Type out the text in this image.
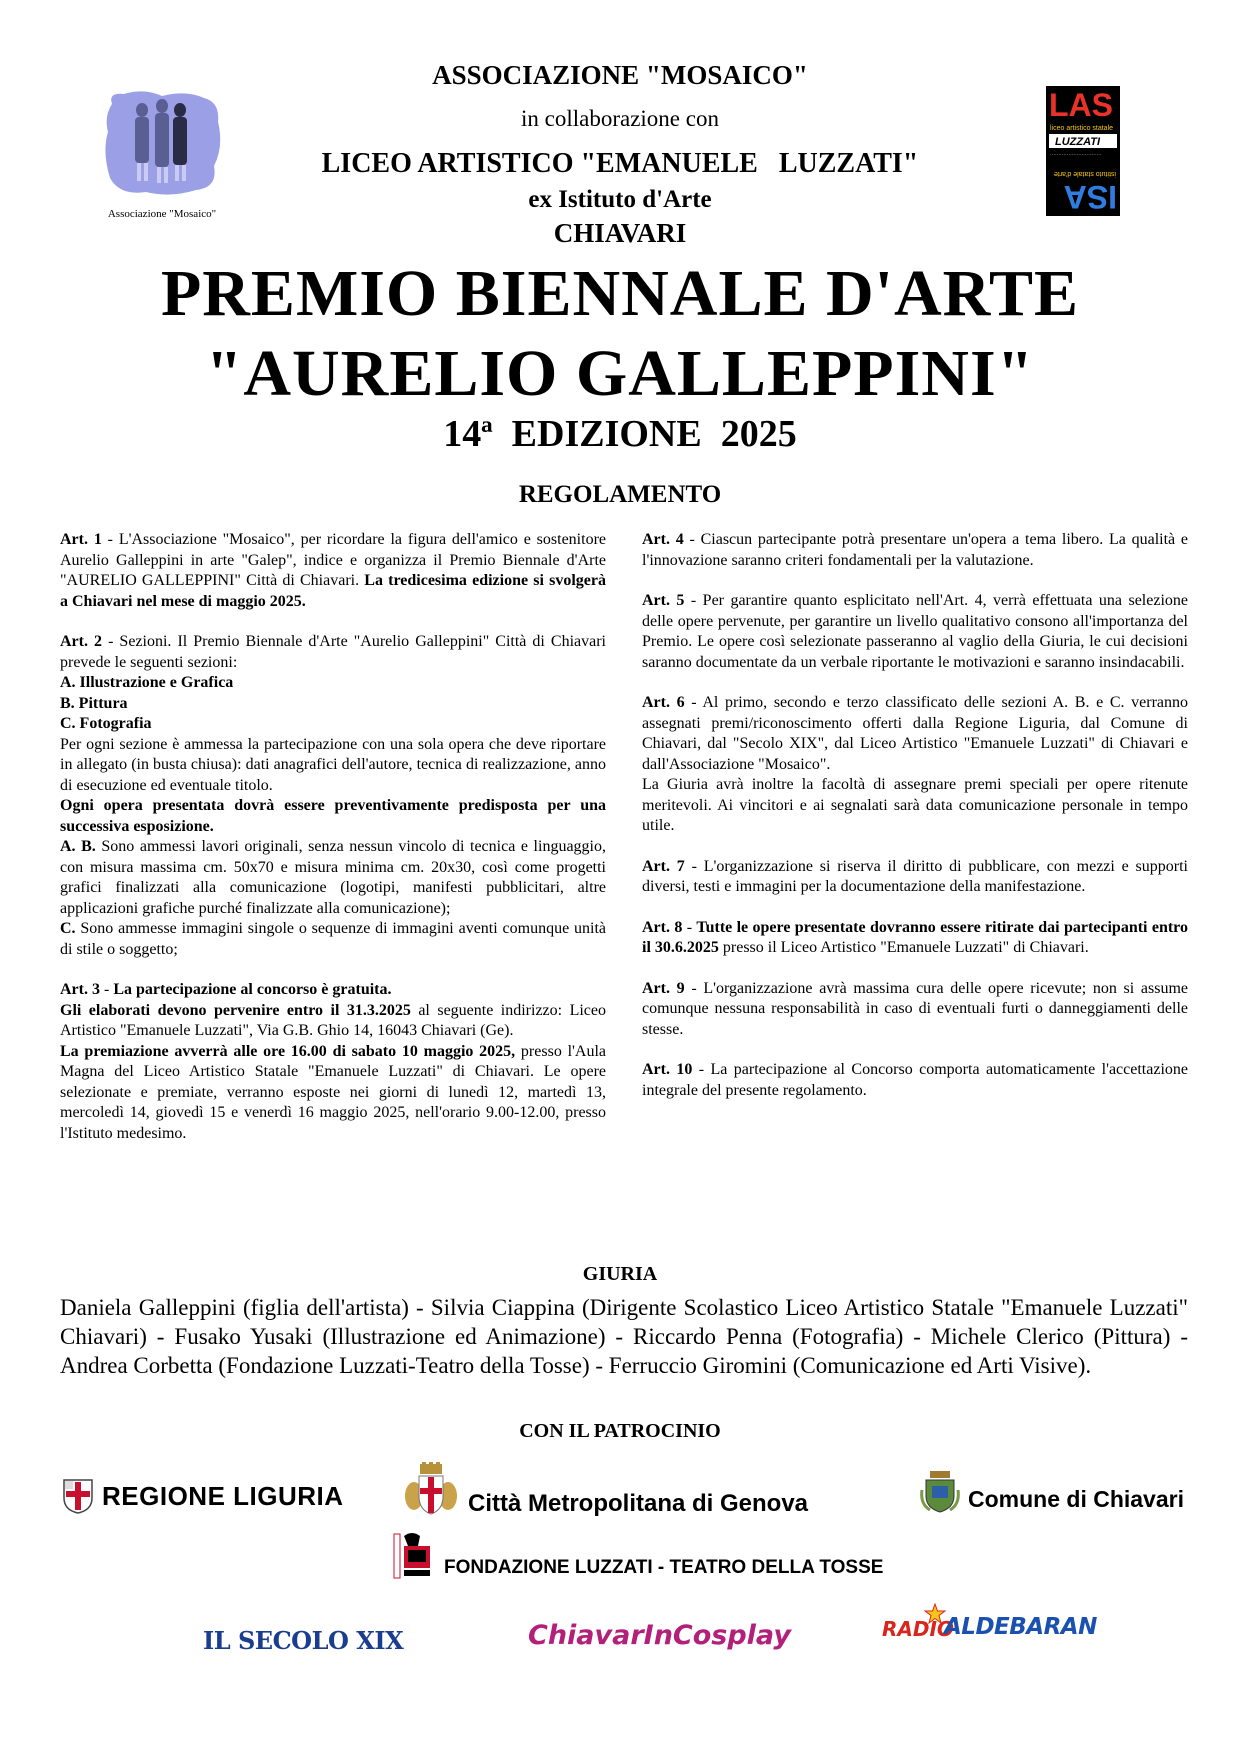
ASSOCIAZIONE "MOSAICO"
in collaborazione con
LICEO ARTISTICO "EMANUELE   LUZZATI"
ex Istituto d'Arte
CHIAVARI
PREMIO BIENNALE D'ARTE
"AURELIO GALLEPPINI"
14ª  EDIZIONE  2025
REGOLAMENTO
Associazione "Mosaico"
LAS
liceo artistico statale
LUZZATI
ISA
istituto statale d'arte
·······························

Art. 1 - L'Associazione "Mosaico", per ricordare la figura dell'amico e sostenitore Aurelio Galleppini in arte "Galep", indice e organizza il Premio Biennale d'Arte "AURELIO GALLEPPINI" Città di Chiavari. La tredicesima edizione si svolgerà a Chiavari nel mese di maggio 2025.

Art. 2 - Sezioni. Il Premio Biennale d'Arte "Aurelio Galleppini" Città di Chiavari prevede le seguenti sezioni:
A. Illustrazione e Grafica
B. Pittura
C. Fotografia
Per ogni sezione è ammessa la partecipazione con una sola opera che deve riportare in allegato (in busta chiusa): dati anagrafici dell'autore, tecnica di realizzazione, anno di esecuzione ed eventuale titolo.
Ogni opera presentata dovrà essere preventivamente predisposta per una successiva esposizione.
A. B. Sono ammessi lavori originali, senza nessun vincolo di tecnica e linguaggio, con misura massima cm. 50x70 e misura minima cm. 20x30, così come progetti grafici finalizzati alla comunicazione (logotipi, manifesti pubblicitari, altre applicazioni grafiche purché finalizzate alla comunicazione);
C. Sono ammesse immagini singole o sequenze di immagini aventi comunque unità di stile o soggetto;

Art. 3 - La partecipazione al concorso è gratuita.
Gli elaborati devono pervenire entro il 31.3.2025 al seguente indirizzo: Liceo Artistico "Emanuele Luzzati", Via G.B. Ghio 14, 16043 Chiavari (Ge).
La premiazione avverrà alle ore 16.00 di sabato 10 maggio 2025, presso l'Aula Magna del Liceo Artistico Statale "Emanuele Luzzati" di Chiavari. Le opere selezionate e premiate, verranno esposte nei giorni di lunedì 12, martedì 13, mercoledì 14, giovedì 15 e venerdì 16 maggio 2025, nell'orario 9.00-12.00, presso l'Istituto medesimo.

Art. 4 - Ciascun partecipante potrà presentare un'opera a tema libero. La qualità e l'innovazione saranno criteri fondamentali per la valutazione.

Art. 5 - Per garantire quanto esplicitato nell'Art. 4, verrà effettuata una selezione delle opere pervenute, per garantire un livello qualitativo consono all'importanza del Premio. Le opere così selezionate passeranno al vaglio della Giuria, le cui decisioni saranno documentate da un verbale riportante le motivazioni e saranno insindacabili.

Art. 6 - Al primo, secondo e terzo classificato delle sezioni A. B. e C. verranno assegnati premi/riconoscimento offerti dalla Regione Liguria, dal Comune di Chiavari, dal "Secolo XIX", dal Liceo Artistico "Emanuele Luzzati" di Chiavari e dall'Associazione "Mosaico".
La Giuria avrà inoltre la facoltà di assegnare premi speciali per opere ritenute meritevoli. Ai vincitori e ai segnalati sarà data comunicazione personale in tempo utile.

Art. 7 - L'organizzazione si riserva il diritto di pubblicare, con mezzi e supporti diversi, testi e immagini per la documentazione della manifestazione.

Art. 8 - Tutte le opere presentate dovranno essere ritirate dai partecipanti entro il 30.6.2025 presso il Liceo Artistico "Emanuele Luzzati" di Chiavari.

Art. 9 - L'organizzazione avrà massima cura delle opere ricevute; non si assume comunque nessuna responsabilità in caso di eventuali furti o danneggiamenti delle stesse.

Art. 10 - La partecipazione al Concorso comporta automaticamente l'accettazione integrale del presente regolamento.

GIURIA
Daniela Galleppini (figlia dell'artista) - Silvia Ciappina (Dirigente Scolastico Liceo Artistico Statale "Emanuele Luzzati" Chiavari) - Fusako Yusaki (Illustrazione ed Animazione) - Riccardo Penna (Fotografia) - Michele Clerico (Pittura) - Andrea Corbetta (Fondazione Luzzati-Teatro della Tosse) - Ferruccio Giromini (Comunicazione ed Arti Visive).
CON IL PATROCINIO
REGIONE LIGURIA	Città Metropolitana di Genova	Comune di Chiavari
FONDAZIONE LUZZATI - TEATRO DELLA TOSSE
IL SECOLO XIX	ChiavarInCosplay	RADIO
ALDEBARAN
